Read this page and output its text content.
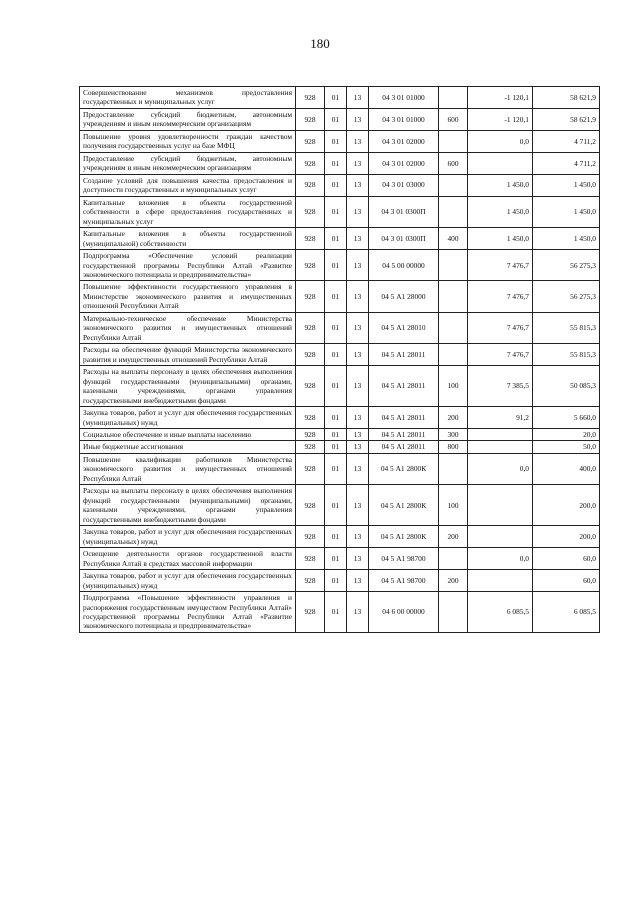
180
Совершенствование механизмов предоставления государственных и муниципальных услуг	928	01	13	04 3 01 01000		-1 120,1	58 621,9
Предоставление субсидий бюджетным, автономным учреждениям и иным некоммерческим организациям	928	01	13	04 3 01 01000	600	-1 120,1	58 621,9
Повышение уровня удовлетворенности граждан качеством получения государственных услуг на базе МФЦ	928	01	13	04 3 01 02000		0,0	4 711,2
Предоставление субсидий бюджетным, автономным учреждениям и иным некоммерческим организациям	928	01	13	04 3 01 02000	600		4 711,2
Создание условий для повышения качества предоставления и доступности государственных и муниципальных услуг	928	01	13	04 3 01 03000		1 450,0	1 450,0
Капитальные вложения в объекты государственной собственности в сфере предоставления государственных и муниципальных услуг	928	01	13	04 3 01 0300П		1 450,0	1 450,0
Капитальные вложения в объекты государственной (муниципальной) собственности	928	01	13	04 3 01 0300П	400	1 450,0	1 450,0
Подпрограмма «Обеспечение условий реализации государственной программы Республики Алтай «Развитие экономического потенциала и предпринимательства»	928	01	13	04 5 00 00000		7 476,7	56 275,3
Повышение эффективности государственного управления в Министерстве экономического развития и имущественных отношений Республики Алтай	928	01	13	04 5 А1 28000		7 476,7	56 275,3
Материально-техническое обеспечение Министерства экономического развития и имущественных отношений Республики Алтай	928	01	13	04 5 А1 28010		7 476,7	55 815,3
Расходы на обеспечение функций Министерства экономического развития и имущественных отношений Республики Алтай	928	01	13	04 5 А1 28011		7 476,7	55 815,3
Расходы на выплаты персоналу в целях обеспечения выполнения функций государственными (муниципальными) органами, казенными учреждениями, органами управления государственными внебюджетными фондами	928	01	13	04 5 А1 28011	100	7 385,5	50 085,3
Закупка товаров, работ и услуг для обеспечения государственных (муниципальных) нужд	928	01	13	04 5 А1 28011	200	91,2	5 660,0
Социальное обеспечение и иные выплаты населению	928	01	13	04 5 А1 28011	300		20,0
Иные бюджетные ассигнования	928	01	13	04 5 А1 28011	800		50,0
Повышение квалификации работников Министерства экономического развития и имущественных отношений Республики Алтай	928	01	13	04 5 А1 2800К		0,0	400,0
Расходы на выплаты персоналу в целях обеспечения выполнения функций государственными (муниципальными) органами, казенными учреждениями, органами управления государственными внебюджетными фондами	928	01	13	04 5 А1 2800К	100		200,0
Закупка товаров, работ и услуг для обеспечения государственных (муниципальных) нужд	928	01	13	04 5 А1 2800К	200		200,0
Освещение деятельности органов государственной власти Республики Алтай в средствах массовой информации	928	01	13	04 5 А1 98700		0,0	60,0
Закупка товаров, работ и услуг для обеспечения государственных (муниципальных) нужд	928	01	13	04 5 А1 98700	200		60,0
Подпрограмма «Повышение эффективности управления и распоряжения государственным имуществом Республики Алтай» государственной программы Республики Алтай «Развитие экономического потенциала и предпринимательства»	928	01	13	04 6 00 00000		6 085,5	6 085,5
